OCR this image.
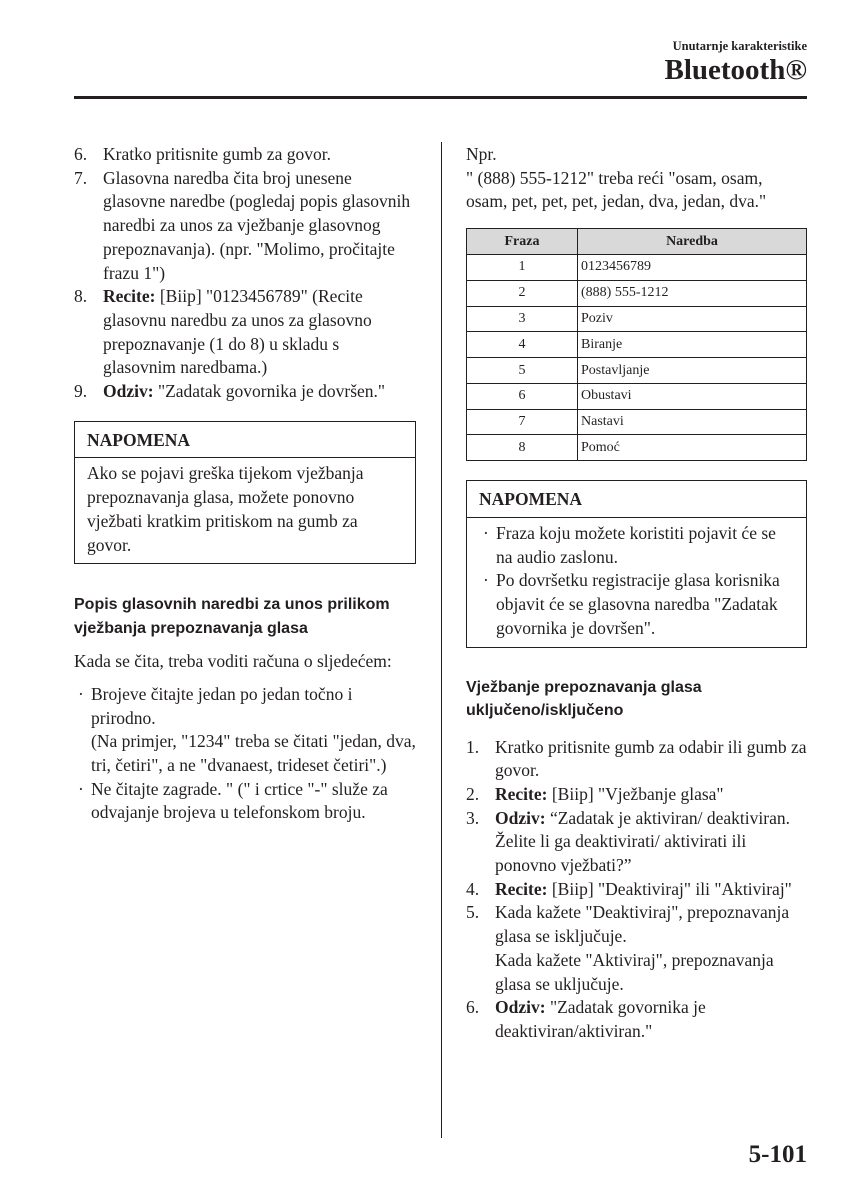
Unutarnje karakteristike
Bluetooth®
6. Kratko pritisnite gumb za govor.
7. Glasovna naredba čita broj unesene glasovne naredbe (pogledaj popis glasovnih naredbi za unos za vježbanje glasovnog prepoznavanja). (npr. "Molimo, pročitajte frazu 1")
8. Recite: [Biip] "0123456789" (Recite glasovnu naredbu za unos za glasovno prepoznavanje (1 do 8) u skladu s glasovnim naredbama.)
9. Odziv: "Zadatak govornika je dovršen."
NAPOMENA
Ako se pojavi greška tijekom vježbanja prepoznavanja glasa, možete ponovno vježbati kratkim pritiskom na gumb za govor.
Popis glasovnih naredbi za unos prilikom vježbanja prepoznavanja glasa
Kada se čita, treba voditi računa o sljedećem:
· Brojeve čitajte jedan po jedan točno i prirodno.
(Na primjer, "1234" treba se čitati "jedan, dva, tri, četiri", a ne "dvanaest, trideset četiri".)
· Ne čitajte zagrade. " (" i crtice "-" služe za odvajanje brojeva u telefonskom broju.
Npr.
" (888) 555-1212" treba reći "osam, osam, osam, pet, pet, pet, jedan, dva, jedan, dva."
Fraza	Naredba
1	0123456789
2	(888) 555-1212
3	Poziv
4	Biranje
5	Postavljanje
6	Obustavi
7	Nastavi
8	Pomoć
NAPOMENA
· Fraza koju možete koristiti pojavit će se na audio zaslonu.
· Po dovršetku registracije glasa korisnika objavit će se glasovna naredba "Zadatak govornika je dovršen".
Vježbanje prepoznavanja glasa uključeno/isključeno
1. Kratko pritisnite gumb za odabir ili gumb za govor.
2. Recite: [Biip] "Vježbanje glasa"
3. Odziv: “Zadatak je aktiviran/ deaktiviran. Želite li ga deaktivirati/ aktivirati ili ponovno vježbati?”
4. Recite: [Biip] "Deaktiviraj" ili "Aktiviraj"
5. Kada kažete "Deaktiviraj", prepoznavanja glasa se isključuje.
Kada kažete "Aktiviraj", prepoznavanja glasa se uključuje.
6. Odziv: "Zadatak govornika je deaktiviran/aktiviran."
5-101
